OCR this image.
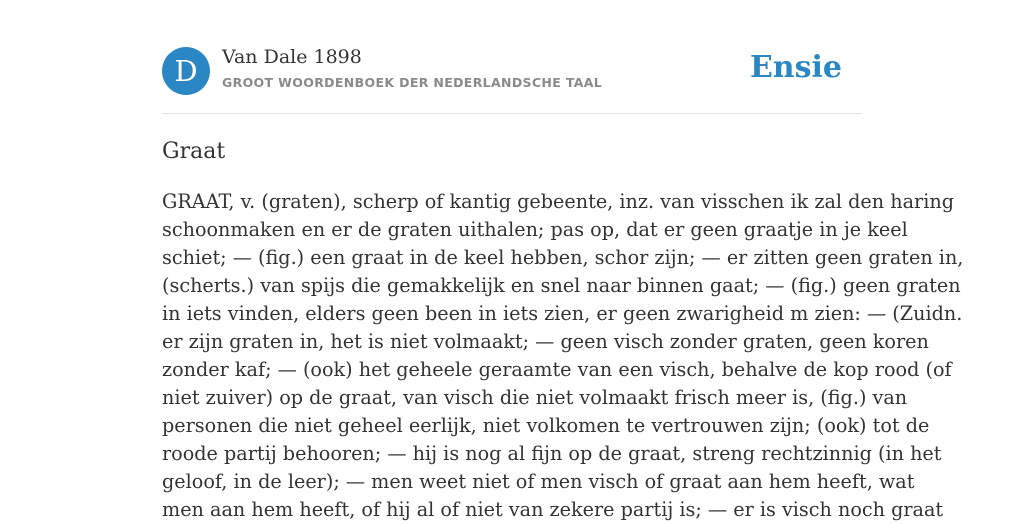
D	Van Dale 1898
GROOT WOORDENBOEK DER NEDERLANDSCHE TAAL	Ensie
Graat
GRAAT, v. (graten), scherp of kantig gebeente, inz. van visschen ik zal den haring
schoonmaken en er de graten uithalen; pas op, dat er geen graatje in je keel
schiet; — (fig.) een graat in de keel hebben, schor zijn; — er zitten geen graten in,
(scherts.) van spijs die gemakkelijk en snel naar binnen gaat; — (fig.) geen graten
in iets vinden, elders geen been in iets zien, er geen zwarigheid m zien: — (Zuidn.
er zijn graten in, het is niet volmaakt; — geen visch zonder graten, geen koren
zonder kaf; — (ook) het geheele geraamte van een visch, behalve de kop rood (of
niet zuiver) op de graat, van visch die niet volmaakt frisch meer is, (fig.) van
personen die niet geheel eerlijk, niet volkomen te vertrouwen zijn; (ook) tot de
roode partij behooren; — hij is nog al fijn op de graat, streng rechtzinnig (in het
geloof, in de leer); — men weet niet of men visch of graat aan hem heeft, wat
men aan hem heeft, of hij al of niet van zekere partij is; — er is visch noch graat
